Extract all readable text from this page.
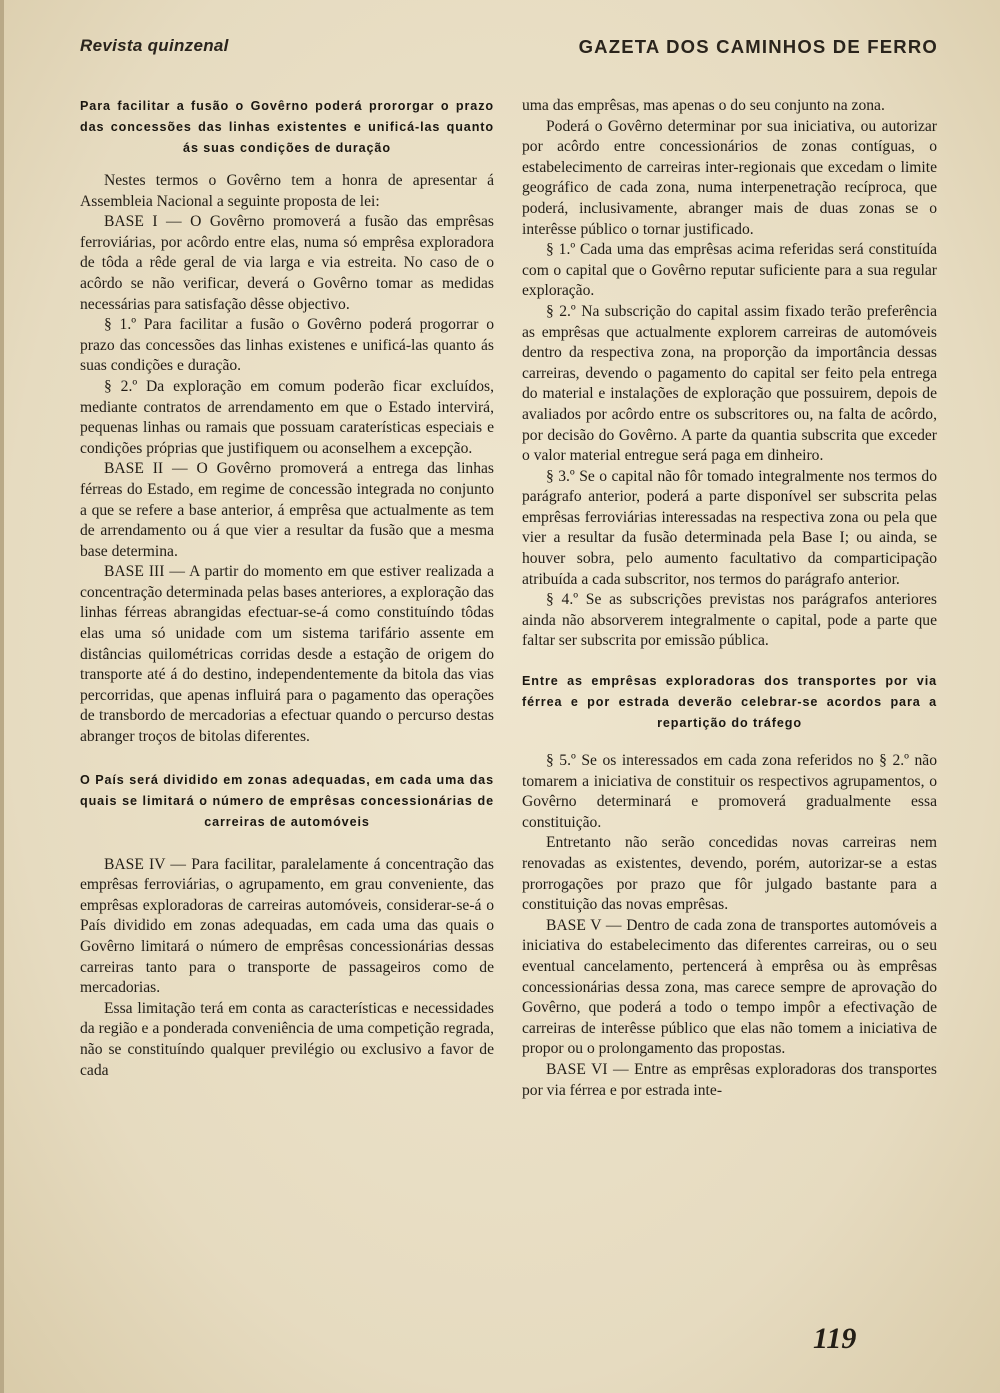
Revista quinzenal	GAZETA DOS CAMINHOS DE FERRO

Para facilitar a fusão o Govêrno poderá prororgar o prazo das concessões das linhas existentes e unificá-las quanto ás suas condições de duração

Nestes termos o Govêrno tem a honra de apresentar á Assembleia Nacional a seguinte proposta de lei:

BASE I — O Govêrno promoverá a fusão das emprêsas ferroviárias, por acôrdo entre elas, numa só emprêsa exploradora de tôda a rêde geral de via larga e via estreita. No caso de o acôrdo se não verificar, deverá o Govêrno tomar as medidas necessárias para satisfação dêsse objectivo.

§ 1.º Para facilitar a fusão o Govêrno poderá progorrar o prazo das concessões das linhas existenes e unificá-las quanto ás suas condições e duração.

§ 2.º Da exploração em comum poderão ficar excluídos, mediante contratos de arrendamento em que o Estado intervirá, pequenas linhas ou ramais que possuam caraterísticas especiais e condições próprias que justifiquem ou aconselhem a excepção.

BASE II — O Govêrno promoverá a entrega das linhas férreas do Estado, em regime de concessão integrada no conjunto a que se refere a base anterior, á emprêsa que actualmente as tem de arrendamento ou á que vier a resultar da fusão que a mesma base determina.

BASE III — A partir do momento em que estiver realizada a concentração determinada pelas bases anteriores, a exploração das linhas férreas abrangidas efectuar-se-á como constituíndo tôdas elas uma só unidade com um sistema tarifário assente em distâncias quilométricas corridas desde a estação de origem do transporte até á do destino, independentemente da bitola das vias percorridas, que apenas influirá para o pagamento das operações de transbordo de mercadorias a efectuar quando o percurso destas abranger troços de bitolas diferentes.

O País será dividido em zonas adequadas, em cada uma das quais se limitará o número de emprêsas concessionárias de carreiras de automóveis

BASE IV — Para facilitar, paralelamente á concentração das emprêsas ferroviárias, o agrupamento, em grau conveniente, das emprêsas exploradoras de carreiras automóveis, considerar-se-á o País dividido em zonas adequadas, em cada uma das quais o Govêrno limitará o número de emprêsas concessionárias dessas carreiras tanto para o transporte de passageiros como de mercadorias.

Essa limitação terá em conta as características e necessidades da região e a ponderada conveniência de uma competição regrada, não se constituíndo qualquer previlégio ou exclusivo a favor de cada

uma das emprêsas, mas apenas o do seu conjunto na zona.

Poderá o Govêrno determinar por sua iniciativa, ou autorizar por acôrdo entre concessionários de zonas contíguas, o estabelecimento de carreiras inter-regionais que excedam o limite geográfico de cada zona, numa interpenetração recíproca, que poderá, inclusivamente, abranger mais de duas zonas se o interêsse público o tornar justificado.

§ 1.º Cada uma das emprêsas acima referidas será constituída com o capital que o Govêrno reputar suficiente para a sua regular exploração.

§ 2.º Na subscrição do capital assim fixado terão preferência as emprêsas que actualmente explorem carreiras de automóveis dentro da respectiva zona, na proporção da importância dessas carreiras, devendo o pagamento do capital ser feito pela entrega do material e instalações de exploração que possuirem, depois de avaliados por acôrdo entre os subscritores ou, na falta de acôrdo, por decisão do Govêrno. A parte da quantia subscrita que exceder o valor material entregue será paga em dinheiro.

§ 3.º Se o capital não fôr tomado integralmente nos termos do parágrafo anterior, poderá a parte disponível ser subscrita pelas emprêsas ferroviárias interessadas na respectiva zona ou pela que vier a resultar da fusão determinada pela Base I; ou ainda, se houver sobra, pelo aumento facultativo da comparticipação atribuída a cada subscritor, nos termos do parágrafo anterior.

§ 4.º Se as subscrições previstas nos parágrafos anteriores ainda não absorverem integralmente o capital, pode a parte que faltar ser subscrita por emissão pública.

Entre as emprêsas exploradoras dos transportes por via férrea e por estrada deverão celebrar-se acordos para a repartição do tráfego

§ 5.º Se os interessados em cada zona referidos no § 2.º não tomarem a iniciativa de constituir os respectivos agrupamentos, o Govêrno determinará e promoverá gradualmente essa constituição.

Entretanto não serão concedidas novas carreiras nem renovadas as existentes, devendo, porém, autorizar-se a estas prorrogações por prazo que fôr julgado bastante para a constituição das novas emprêsas.

BASE V — Dentro de cada zona de transportes automóveis a iniciativa do estabelecimento das diferentes carreiras, ou o seu eventual cancelamento, pertencerá à emprêsa ou às emprêsas concessionárias dessa zona, mas carece sempre de aprovação do Govêrno, que poderá a todo o tempo impôr a efectivação de carreiras de interêsse público que elas não tomem a iniciativa de propor ou o prolongamento das propostas.

BASE VI — Entre as emprêsas exploradoras dos transportes por via férrea e por estrada inte-

119
